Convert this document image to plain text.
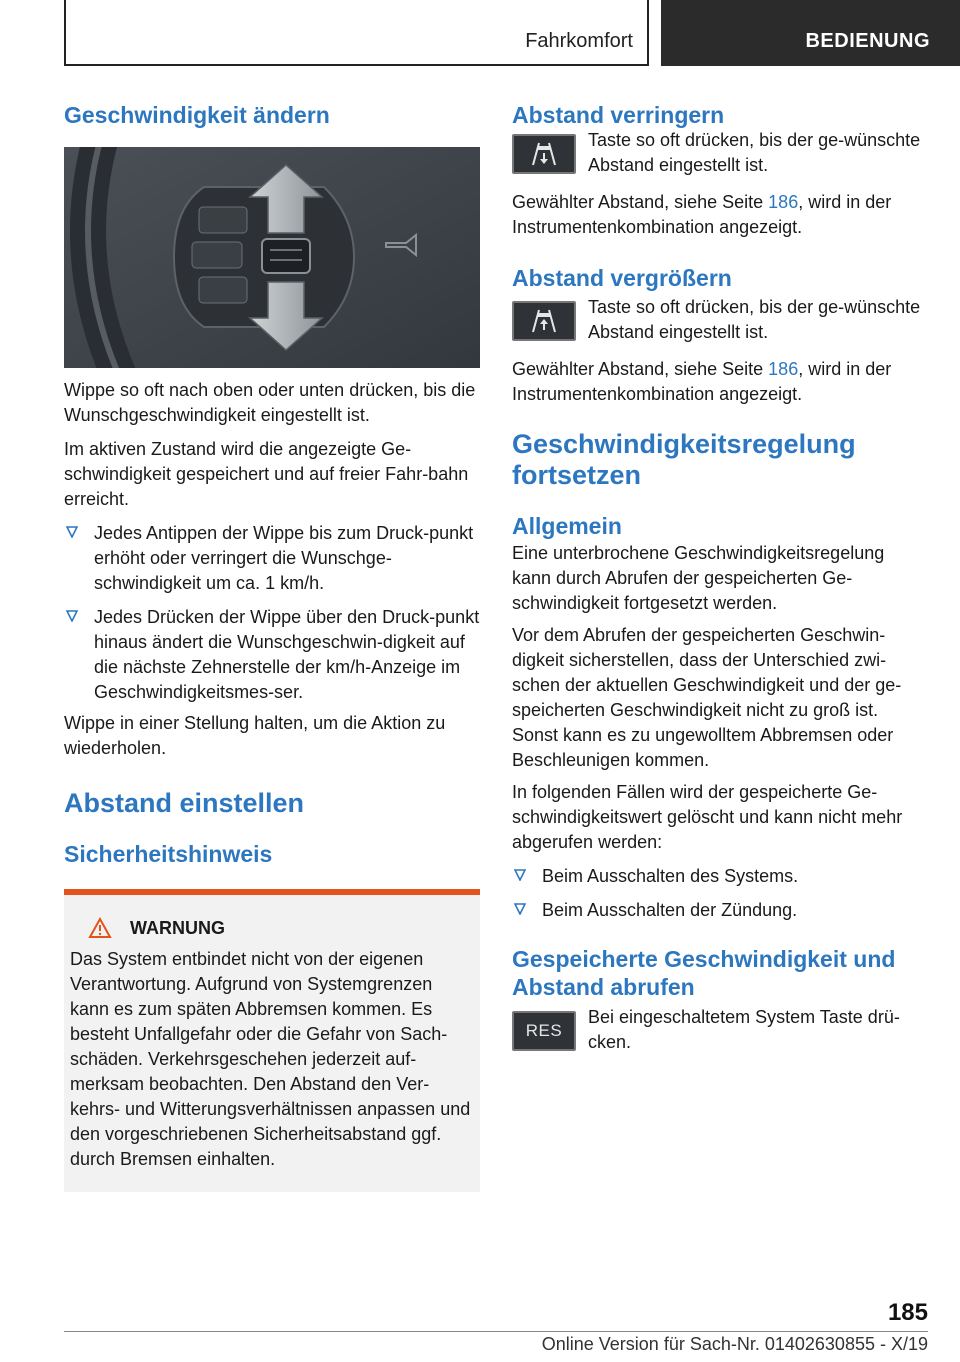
Fahrkomfort	BEDIENUNG
Geschwindigkeit ändern

Wippe so oft nach oben oder unten drücken, bis die Wunschgeschwindigkeit eingestellt ist.

Im aktiven Zustand wird die angezeigte Ge‐schwindigkeit gespeichert und auf freier Fahr‐bahn erreicht.

Jedes Antippen der Wippe bis zum Druck‐punkt erhöht oder verringert die Wunschge‐schwindigkeit um ca. 1 km/h.
Jedes Drücken der Wippe über den Druck‐punkt hinaus ändert die Wunschgeschwin‐digkeit auf die nächste Zehnerstelle der km/h‑Anzeige im Geschwindigkeitsmes‐ser.

Wippe in einer Stellung halten, um die Aktion zu wiederholen.

Abstand einstellen
Sicherheitshinweis
WARNUNG

Das System entbindet nicht von der eigenen Verantwortung. Aufgrund von Systemgrenzen kann es zum späten Abbremsen kommen. Es besteht Unfallgefahr oder die Gefahr von Sach‐schäden. Verkehrsgeschehen jederzeit auf‐merksam beobachten. Den Abstand den Ver‐kehrs- und Witterungsverhältnissen anpassen und den vorgeschriebenen Sicherheitsabstand ggf. durch Bremsen einhalten.

Abstand verringern

Taste so oft drücken, bis der ge‐wünschte Abstand eingestellt ist.

Gewählter Abstand, siehe Seite 186, wird in der Instrumentenkombination angezeigt.

Abstand vergrößern

Taste so oft drücken, bis der ge‐wünschte Abstand eingestellt ist.

Gewählter Abstand, siehe Seite 186, wird in der Instrumentenkombination angezeigt.

Geschwindigkeitsregelung fortsetzen
Allgemein

Eine unterbrochene Geschwindigkeitsregelung kann durch Abrufen der gespeicherten Ge‐schwindigkeit fortgesetzt werden.

Vor dem Abrufen der gespeicherten Geschwin‐digkeit sicherstellen, dass der Unterschied zwi‐schen der aktuellen Geschwindigkeit und der ge‐speicherten Geschwindigkeit nicht zu groß ist. Sonst kann es zu ungewolltem Abbremsen oder Beschleunigen kommen.

In folgenden Fällen wird der gespeicherte Ge‐schwindigkeitswert gelöscht und kann nicht mehr abgerufen werden:

Beim Ausschalten des Systems.
Beim Ausschalten der Zündung.
Gespeicherte Geschwindigkeit und Abstand abrufen
RES

Bei eingeschaltetem System Taste drü‐cken.

185
Online Version für Sach-Nr. 01402630855 - X/19
